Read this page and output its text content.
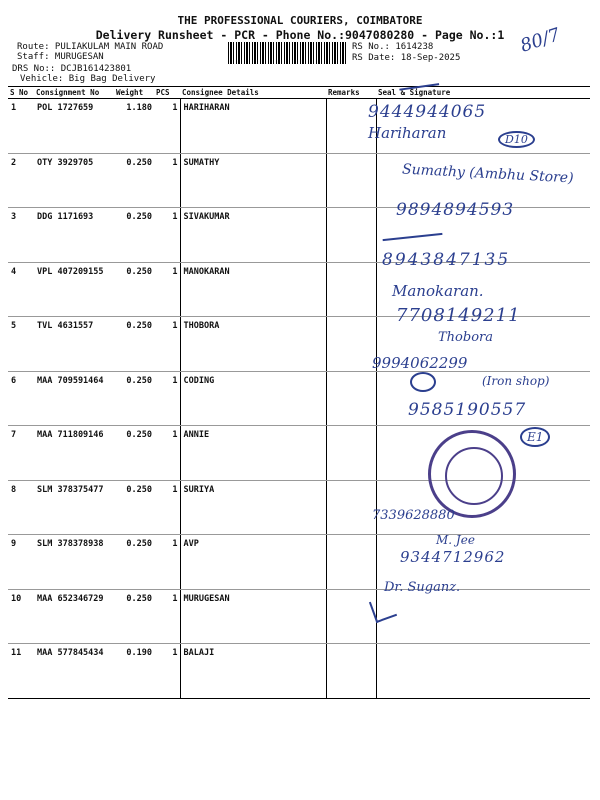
THE PROFESSIONAL COURIERS, COIMBATORE
Delivery Runsheet - PCR - Phone No.:9047080280 - Page No.:1
Route: PULIAKULAM MAIN ROAD
Staff: MURUGESAN
DRS No:: DCJB161423801
Vehicle: Big Bag Delivery
RS No.: 1614238
RS Date: 18-Sep-2025
S No	Consignment No	Weight	PCS	Consignee Details	Remarks	Seal & Signature
1	POL 1727659	1.180	1	HARIHARAN		
2	OTY 3929705	0.250	1	SUMATHY		
3	DDG 1171693	0.250	1	SIVAKUMAR		
4	VPL 407209155	0.250	1	MANOKARAN		
5	TVL 4631557	0.250	1	THOBORA		
6	MAA 709591464	0.250	1	CODING		
7	MAA 711809146	0.250	1	ANNIE		
8	SLM 378375477	0.250	1	SURIYA		
9	SLM 378378938	0.250	1	AVP		
10	MAA 652346729	0.250	1	MURUGESAN		
11	MAA 577845434	0.190	1	BALAJI		
80/7
9444944065
Hariharan	D10
Sumathy (Ambhu Store)
9894894593
8943847135
Manokaran.
7708149211
Thobora
9994062299
(Iron shop)
9585190557
E1
7339628880
M. Jee
9344712962
Dr. Suganz.
